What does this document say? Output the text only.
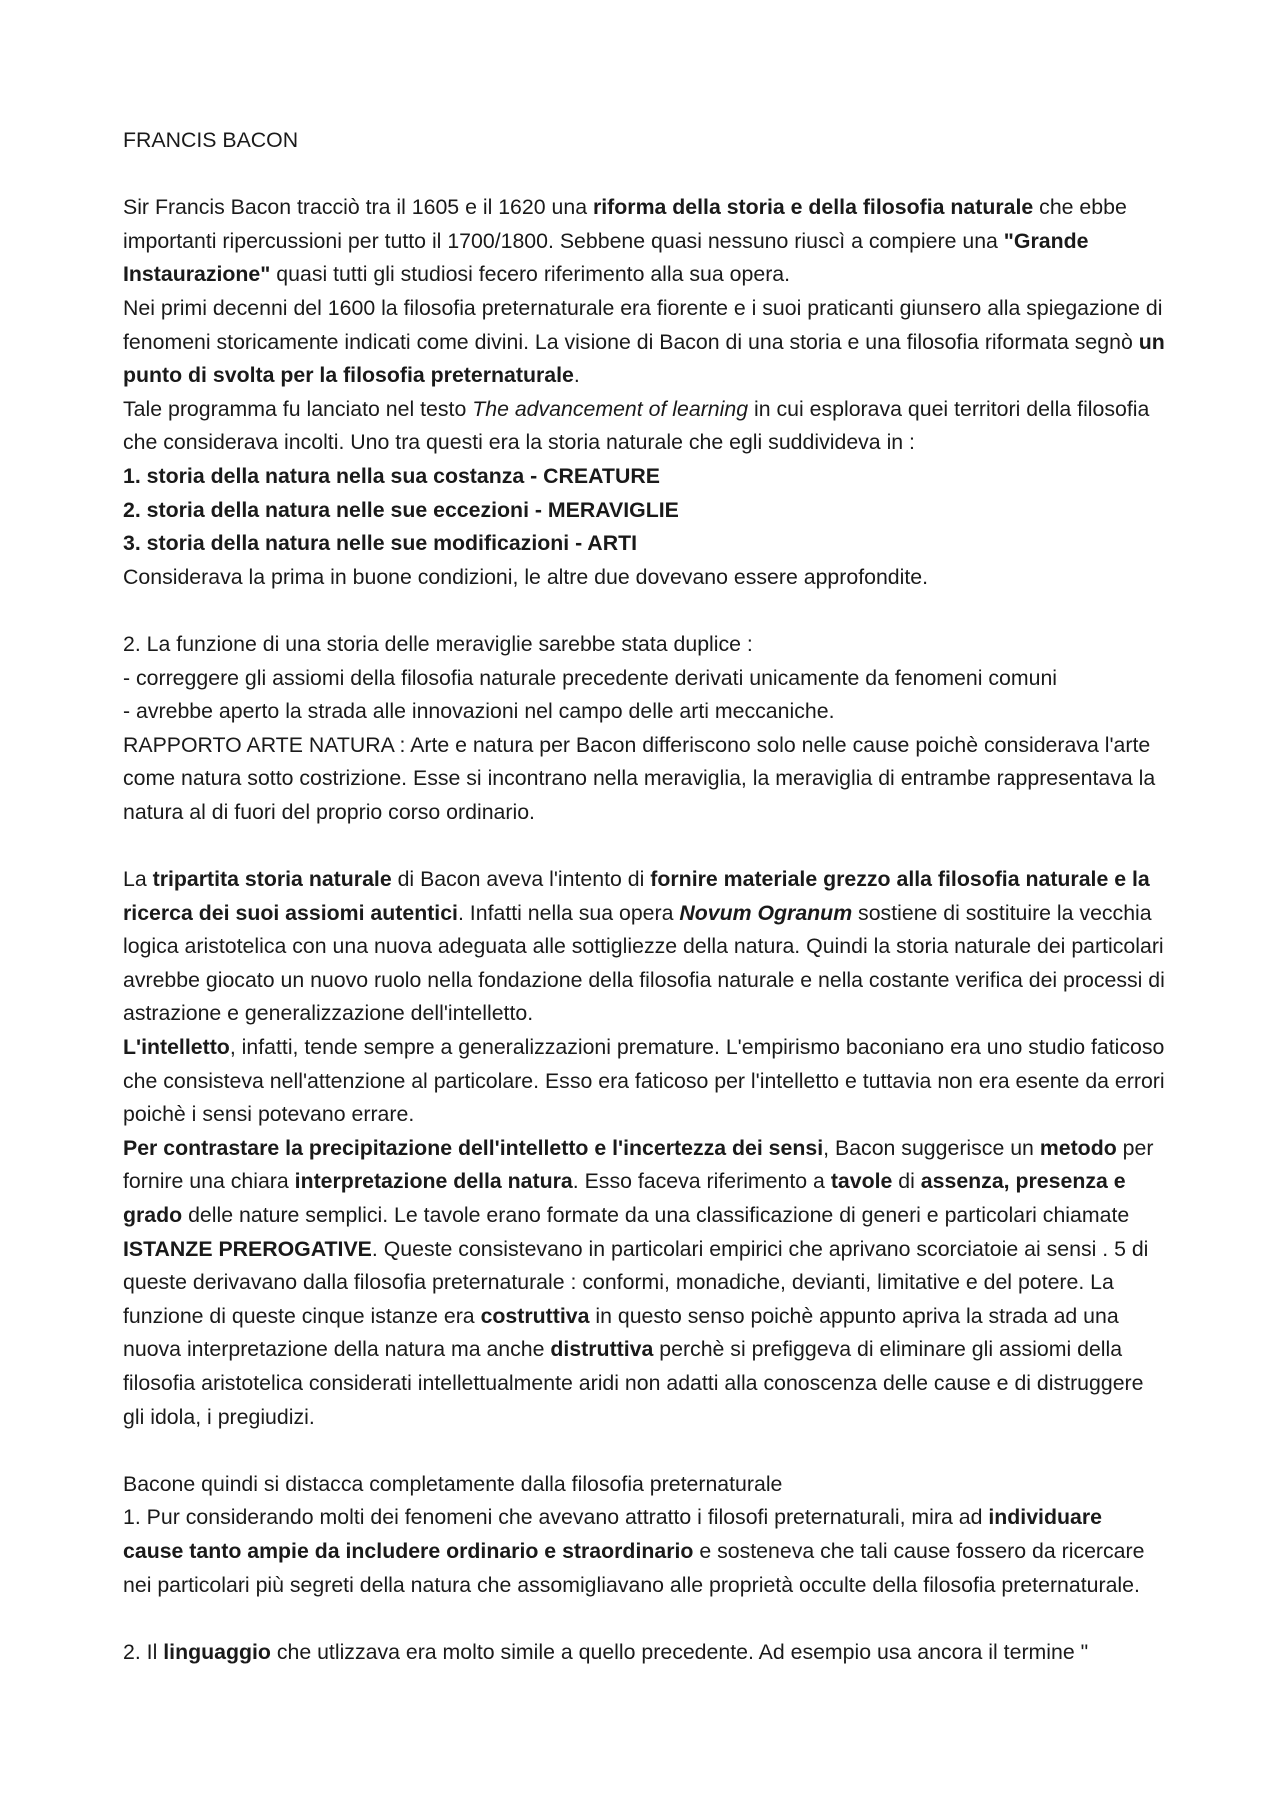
FRANCIS BACON

Sir Francis Bacon tracciò tra il 1605 e il 1620 una riforma della storia e della filosofia naturale che ebbe importanti ripercussioni per tutto il 1700/1800. Sebbene quasi nessuno riuscì a compiere una "Grande Instaurazione" quasi tutti gli studiosi fecero riferimento alla sua opera.

Nei primi decenni del 1600 la filosofia preternaturale era fiorente e i suoi praticanti giunsero alla spiegazione di fenomeni storicamente indicati come divini. La visione di Bacon di una storia e una filosofia riformata segnò un punto di svolta per la filosofia preternaturale.

Tale programma fu lanciato nel testo The advancement of learning in cui esplorava quei territori della filosofia che considerava incolti. Uno tra questi era la storia naturale che egli suddivideva in :

1. storia della natura nella sua costanza - CREATURE

2. storia della natura nelle sue eccezioni - MERAVIGLIE

3. storia della natura nelle sue modificazioni - ARTI

Considerava la prima in buone condizioni, le altre due dovevano essere approfondite.

2. La funzione di una storia delle meraviglie sarebbe stata duplice :

- correggere gli assiomi della filosofia naturale precedente derivati unicamente da fenomeni comuni

- avrebbe aperto la strada alle innovazioni nel campo delle arti meccaniche.

RAPPORTO ARTE NATURA : Arte e natura per Bacon differiscono solo nelle cause poichè considerava l'arte come natura sotto costrizione. Esse si incontrano nella meraviglia, la meraviglia di entrambe rappresentava la natura al di fuori del proprio corso ordinario.

La tripartita storia naturale di Bacon aveva l'intento di fornire materiale grezzo alla filosofia naturale e la ricerca dei suoi assiomi autentici. Infatti nella sua opera Novum Ogranum sostiene di sostituire la vecchia logica aristotelica con una nuova adeguata alle sottigliezze della natura. Quindi la storia naturale dei particolari avrebbe giocato un nuovo ruolo nella fondazione della filosofia naturale e nella costante verifica dei processi di astrazione e generalizzazione dell'intelletto.

L'intelletto, infatti, tende sempre a generalizzazioni premature. L'empirismo baconiano era uno studio faticoso che consisteva nell'attenzione al particolare. Esso era faticoso per l'intelletto e tuttavia non era esente da errori poichè i sensi potevano errare.

Per contrastare la precipitazione dell'intelletto e l'incertezza dei sensi, Bacon suggerisce un metodo per fornire una chiara interpretazione della natura. Esso faceva riferimento a tavole di assenza, presenza e grado delle nature semplici. Le tavole erano formate da una classificazione di generi e particolari chiamate ISTANZE PREROGATIVE. Queste consistevano in particolari empirici che aprivano scorciatoie ai sensi . 5 di queste derivavano dalla filosofia preternaturale : conformi, monadiche, devianti, limitative e del potere. La funzione di queste cinque istanze era costruttiva in questo senso poichè appunto apriva la strada ad una nuova interpretazione della natura ma anche distruttiva perchè si prefiggeva di eliminare gli assiomi della filosofia aristotelica considerati intellettualmente aridi non adatti alla conoscenza delle cause e di distruggere gli idola, i pregiudizi.

Bacone quindi si distacca completamente dalla filosofia preternaturale

1. Pur considerando molti dei fenomeni che avevano attratto i filosofi preternaturali, mira ad individuare cause tanto ampie da includere ordinario e straordinario e sosteneva che tali cause fossero da ricercare nei particolari più segreti della natura che assomigliavano alle proprietà occulte della filosofia preternaturale.

2. Il linguaggio che utlizzava era molto simile a quello precedente. Ad esempio usa ancora il termine "
